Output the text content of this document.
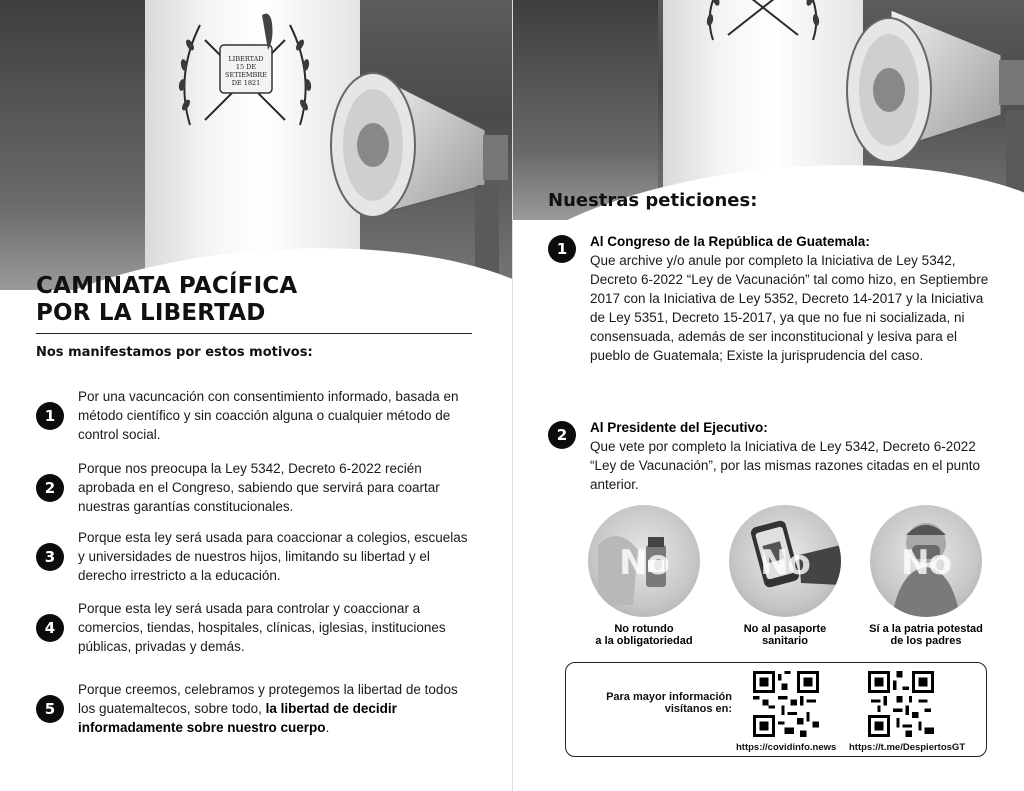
LIBERTAD
15 DE
SETIEMBRE
DE 1821
CAMINATA PACÍFICA
POR LA LIBERTAD
Nos manifestamos por estos motivos:
1
Por una vacuncación con consentimiento informado, basada en método científico y sin coacción alguna o cualquier método de control social.
2
Porque nos preocupa la Ley 5342, Decreto 6-2022 recién aprobada en el Congreso, sabiendo que servirá para coartar nuestras garantías constitucionales.
3
Porque esta ley será usada para coaccionar a colegios, escuelas y universidades de nuestros hijos, limitando su libertad y el derecho irrestricto a la educación.
4
Porque esta ley será usada para controlar y coaccionar a comercios, tiendas, hospitales, clínicas, iglesias, instituciones públicas, privadas y demás.
5
Porque creemos, celebramos y protegemos la libertad de todos los guatemaltecos, sobre todo, la libertad de decidir informadamente sobre nuestro cuerpo.
Nuestras peticiones:
1	Al Congreso de la República de Guatemala:
Que archive y/o anule por completo la Iniciativa de Ley 5342, Decreto 6-2022 “Ley de Vacunación” tal como hizo, en Septiembre 2017 con la Iniciativa de Ley 5352, Decreto 14-2017 y la Iniciativa de Ley 5351, Decreto 15-2017, ya que no fue ni socializada, ni consensuada, además de ser inconstitucional y lesiva para el pueblo de Guatemala; Existe la jurisprudencia del caso.
2	Al Presidente del Ejecutivo:
Que vete por completo la Iniciativa de Ley 5342, Decreto 6-2022 “Ley de Vacunación”, por las mismas razones citadas en el punto anterior.
No
No rotundo
a la obligatoriedad
No
No al pasaporte
sanitario
No
Sí a la patria potestad
de los padres
Para mayor información
visítanos en:
https://covidinfo.news https://t.me/DespiertosGT
